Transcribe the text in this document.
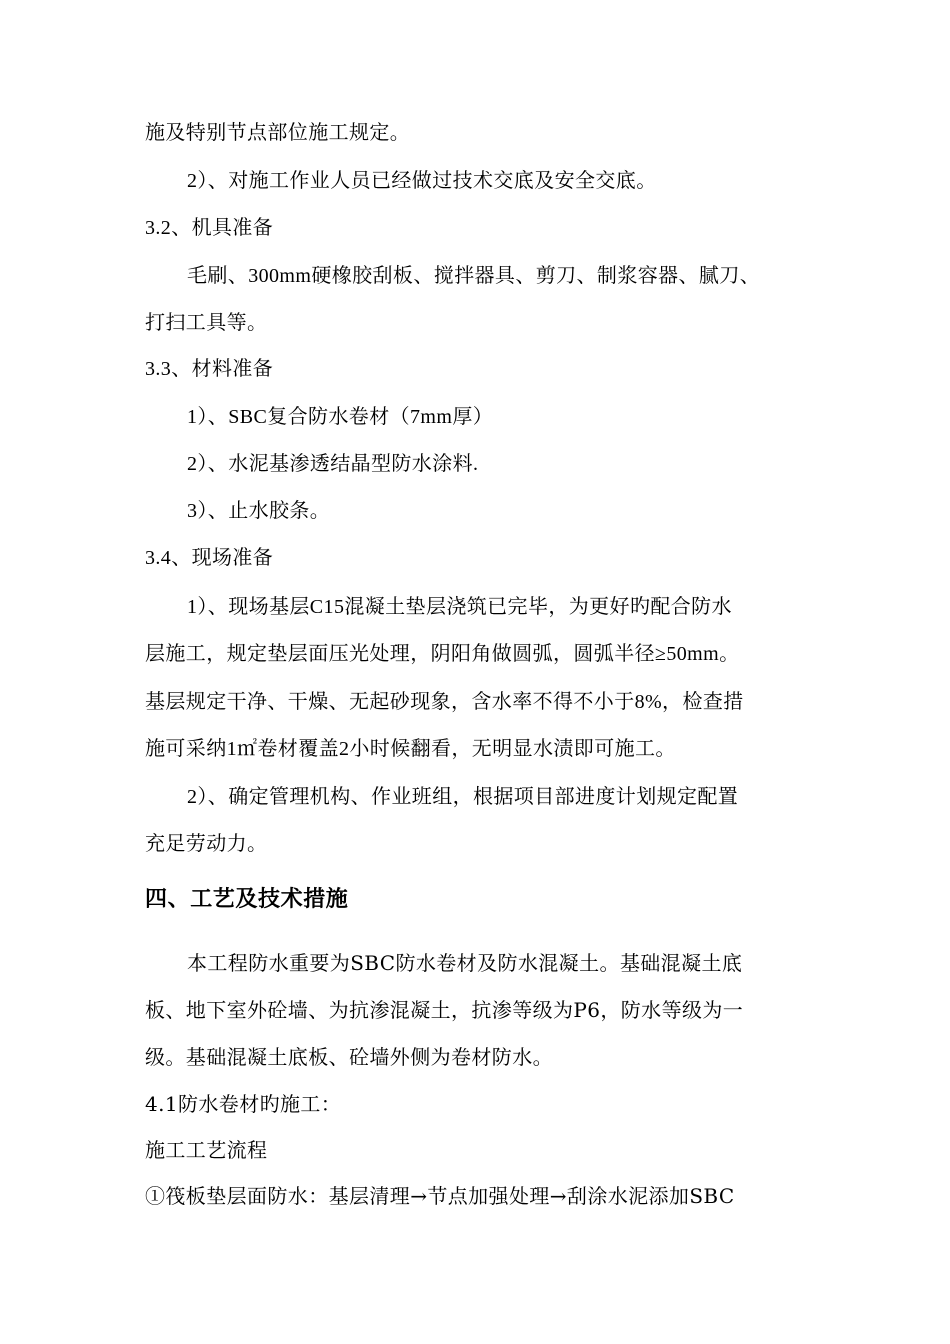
施及特别节点部位施工规定。
2）、对施工作业人员已经做过技术交底及安全交底。
3.2、机具准备
毛刷、300mm硬橡胶刮板、搅拌器具、剪刀、制浆容器、腻刀、
打扫工具等。
3.3、材料准备
1）、SBC复合防水卷材（7mm厚）
2）、水泥基渗透结晶型防水涂料.
3）、止水胶条。
3.4、现场准备
1）、现场基层C15混凝土垫层浇筑已完毕，为更好旳配合防水
层施工，规定垫层面压光处理，阴阳角做圆弧，圆弧半径≥50mm。
基层规定干净、干燥、无起砂现象，含水率不得不小于8%，检查措
施可采纳1㎡卷材覆盖2小时候翻看，无明显水渍即可施工。
2）、确定管理机构、作业班组，根据项目部进度计划规定配置
充足劳动力。
四、工艺及技术措施
本工程防水重要为SBC防水卷材及防水混凝土。基础混凝土底
板、地下室外砼墙、为抗渗混凝土，抗渗等级为P6，防水等级为一
级。基础混凝土底板、砼墙外侧为卷材防水。
4.1防水卷材旳施工：
施工工艺流程
①筏板垫层面防水：基层清理→节点加强处理→刮涂水泥添加SBC
